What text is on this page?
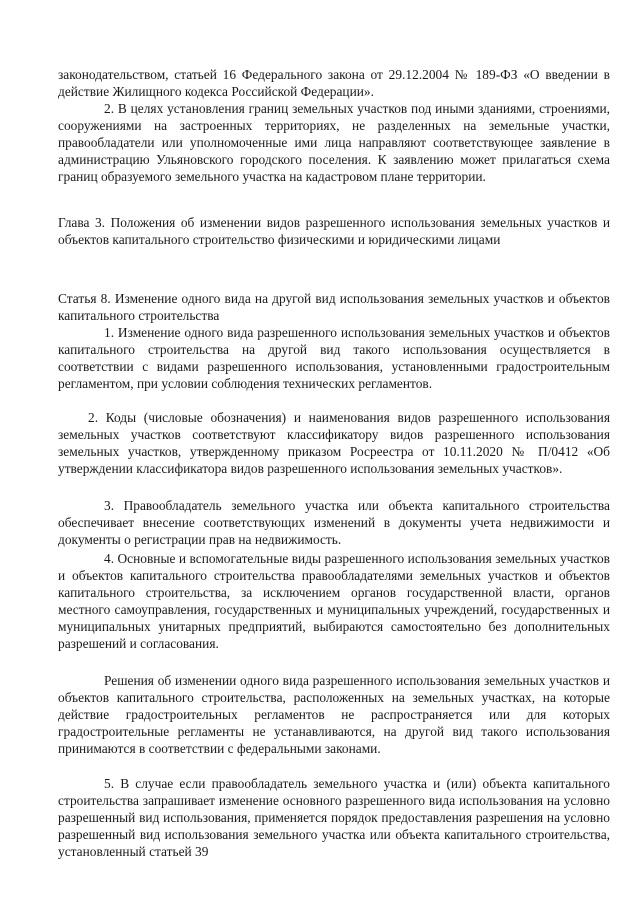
законодательством, статьей 16 Федерального закона от 29.12.2004 № 189-ФЗ «О введении в действие Жилищного кодекса Российской Федерации».

2. В целях установления границ земельных участков под иными зданиями, строениями, сооружениями на застроенных территориях, не разделенных на земельные участки, правообладатели или уполномоченные ими лица направляют соответствующее заявление в администрацию Ульяновского городского поселения. К заявлению может прилагаться схема границ образуемого земельного участка на кадастровом плане территории.

Глава 3. Положения об изменении видов разрешенного использования земельных участков и объектов капитального строительство физическими и юридическими лицами

Статья 8. Изменение одного вида на другой вид использования земельных участков и объектов капитального строительства

1. Изменение одного вида разрешенного использования земельных участков и объектов капитального строительства на другой вид такого использования осуществляется в соответствии с видами разрешенного использования, установленными градостроительным регламентом, при условии соблюдения технических регламентов.

2. Коды (числовые обозначения) и наименования видов разрешенного использования земельных участков соответствуют классификатору видов разрешенного использования земельных участков, утвержденному приказом Росреестра от 10.11.2020 № П/0412 «Об утверждении классификатора видов разрешенного использования земельных участков».

3. Правообладатель земельного участка или объекта капитального строительства обеспечивает внесение соответствующих изменений в документы учета недвижимости и документы о регистрации прав на недвижимость.

4. Основные и вспомогательные виды разрешенного использования земельных участков и объектов капитального строительства правообладателями земельных участков и объектов капитального строительства, за исключением органов государственной власти, органов местного самоуправления, государственных и муниципальных учреждений, государственных и муниципальных унитарных предприятий, выбираются самостоятельно без дополнительных разрешений и согласования.

Решения об изменении одного вида разрешенного использования земельных участков и объектов капитального строительства, расположенных на земельных участках, на которые действие градостроительных регламентов не распространяется или для которых градостроительные регламенты не устанавливаются, на другой вид такого использования принимаются в соответствии с федеральными законами.

5. В случае если правообладатель земельного участка и (или) объекта капитального строительства запрашивает изменение основного разрешенного вида использования на условно разрешенный вид использования, применяется порядок предоставления разрешения на условно разрешенный вид использования земельного участка или объекта капитального строительства, установленный статьей 39
